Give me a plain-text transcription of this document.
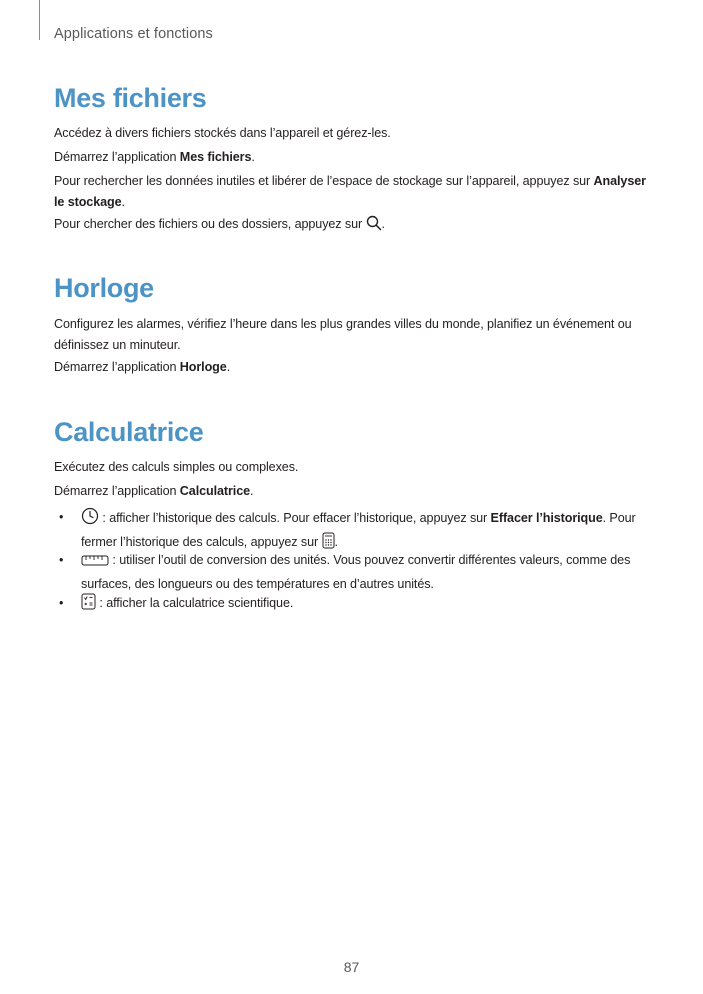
Applications et fonctions
Mes fichiers

Accédez à divers fichiers stockés dans l’appareil et gérez-les.

Démarrez l’application Mes fichiers.

Pour rechercher les données inutiles et libérer de l’espace de stockage sur l’appareil, appuyez sur Analyser le stockage.

Pour chercher des fichiers ou des dossiers, appuyez sur .

Horloge

Configurez les alarmes, vérifiez l’heure dans les plus grandes villes du monde, planifiez un événement ou définissez un minuteur.

Démarrez l’application Horloge.

Calculatrice

Exécutez des calculs simples ou complexes.

Démarrez l’application Calculatrice.

•	: afficher l’historique des calculs. Pour effacer l’historique, appuyez sur Effacer l’historique. Pour fermer l’historique des calculs, appuyez sur .
•	: utiliser l’outil de conversion des unités. Vous pouvez convertir différentes valeurs, comme des surfaces, des longueurs ou des températures en d’autres unités.
•	: afficher la calculatrice scientifique.
87
